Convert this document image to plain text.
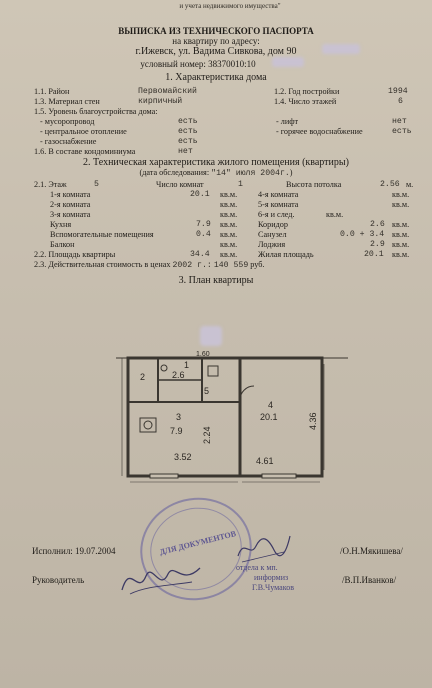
и учета недвижимого имущества"
ВЫПИСКА ИЗ ТЕХНИЧЕСКОГО ПАСПОРТА
на квартиру по адресу:
г.Ижевск, ул. Вадима Сивкова, дом 90
условный номер: 38370010:10
1. Характеристика дома
1.1. Район	Первомайский	1.2. Год постройки	1994
1.3. Материал стен	кирпичный	1.4. Число этажей	6
1.5. Уровень благоустройства дома:
- мусоропровод	есть	- лифт	нет
- центральное отопление	есть	- горячее водоснабжение	есть
- газоснабжение	есть
1.6. В составе кондоминиума	нет
2. Техническая характеристика жилого помещения (квартиры)
(дата обследования: "14" июля 2004г.)
2.1. Этаж	5	Число комнат	1	Высота потолка	2.56 м.
1-я комната	20.1 кв.м.	4-я комната	кв.м.
2-я комната	кв.м.	5-я комната	кв.м.
3-я комната	кв.м.	6-я и след.	кв.м.
Кухня	7.9 кв.м.	Коридор	2.6 кв.м.
Вспомогательные помещения	0.4 кв.м.	Санузел	0.0 + 3.4 кв.м.
Балкон	кв.м.	Лоджия	2.9 кв.м.
2.2. Площадь квартиры	34.4 кв.м.	Жилая площадь	20.1 кв.м.
2.3. Действительная стоимость в ценах 2002 г.: 140 559 руб.
3. План квартиры
2	2.6
1
5
1.60
3
7.9
4
20.1
3.52	4.61
2.24
4.36
ДЛЯ ДОКУМЕНТОВ
отдела к мп.
информиз
Г.В.Чумаков
Исполнил: 19.07.2004	/О.Н.Мякишева/
Руководитель	/В.П.Иванков/
